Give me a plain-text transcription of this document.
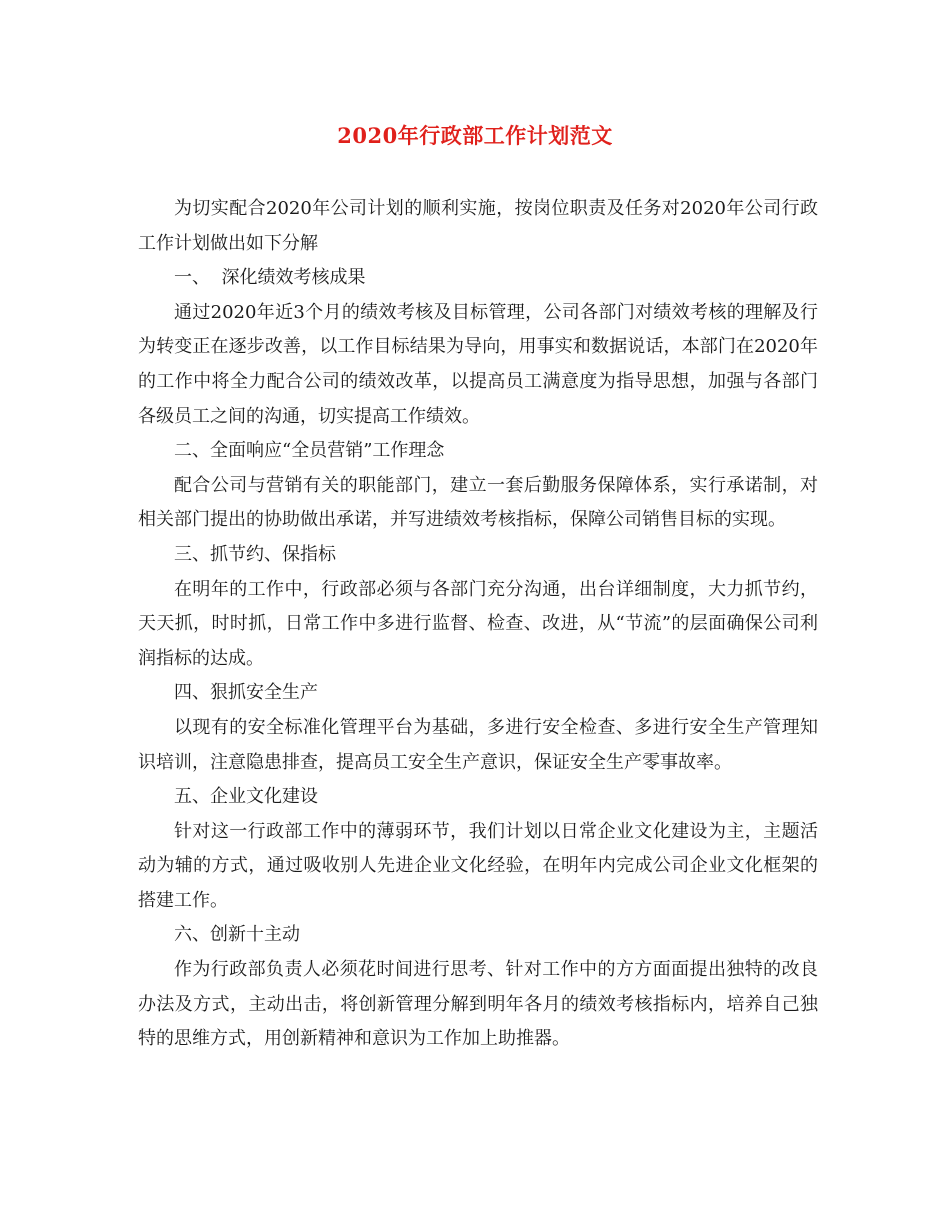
2020年行政部工作计划范文

为切实配合2020年公司计划的顺利实施，按岗位职责及任务对2020年公司行政工作计划做出如下分解

一、  深化绩效考核成果

通过2020年近3个月的绩效考核及目标管理，公司各部门对绩效考核的理解及行为转变正在逐步改善，以工作目标结果为导向，用事实和数据说话，本部门在2020年的工作中将全力配合公司的绩效改革，以提高员工满意度为指导思想，加强与各部门各级员工之间的沟通，切实提高工作绩效。

二、全面响应“全员营销”工作理念

配合公司与营销有关的职能部门，建立一套后勤服务保障体系，实行承诺制，对相关部门提出的协助做出承诺，并写进绩效考核指标，保障公司销售目标的实现。

三、抓节约、保指标

在明年的工作中，行政部必须与各部门充分沟通，出台详细制度，大力抓节约，天天抓，时时抓，日常工作中多进行监督、检查、改进，从“节流”的层面确保公司利润指标的达成。

四、狠抓安全生产

以现有的安全标准化管理平台为基础，多进行安全检查、多进行安全生产管理知识培训，注意隐患排查，提高员工安全生产意识，保证安全生产零事故率。

五、企业文化建设

针对这一行政部工作中的薄弱环节，我们计划以日常企业文化建设为主，主题活动为辅的方式，通过吸收别人先进企业文化经验，在明年内完成公司企业文化框架的搭建工作。

六、创新十主动

作为行政部负责人必须花时间进行思考、针对工作中的方方面面提出独特的改良办法及方式，主动出击，将创新管理分解到明年各月的绩效考核指标内，培养自己独特的思维方式，用创新精神和意识为工作加上助推器。
